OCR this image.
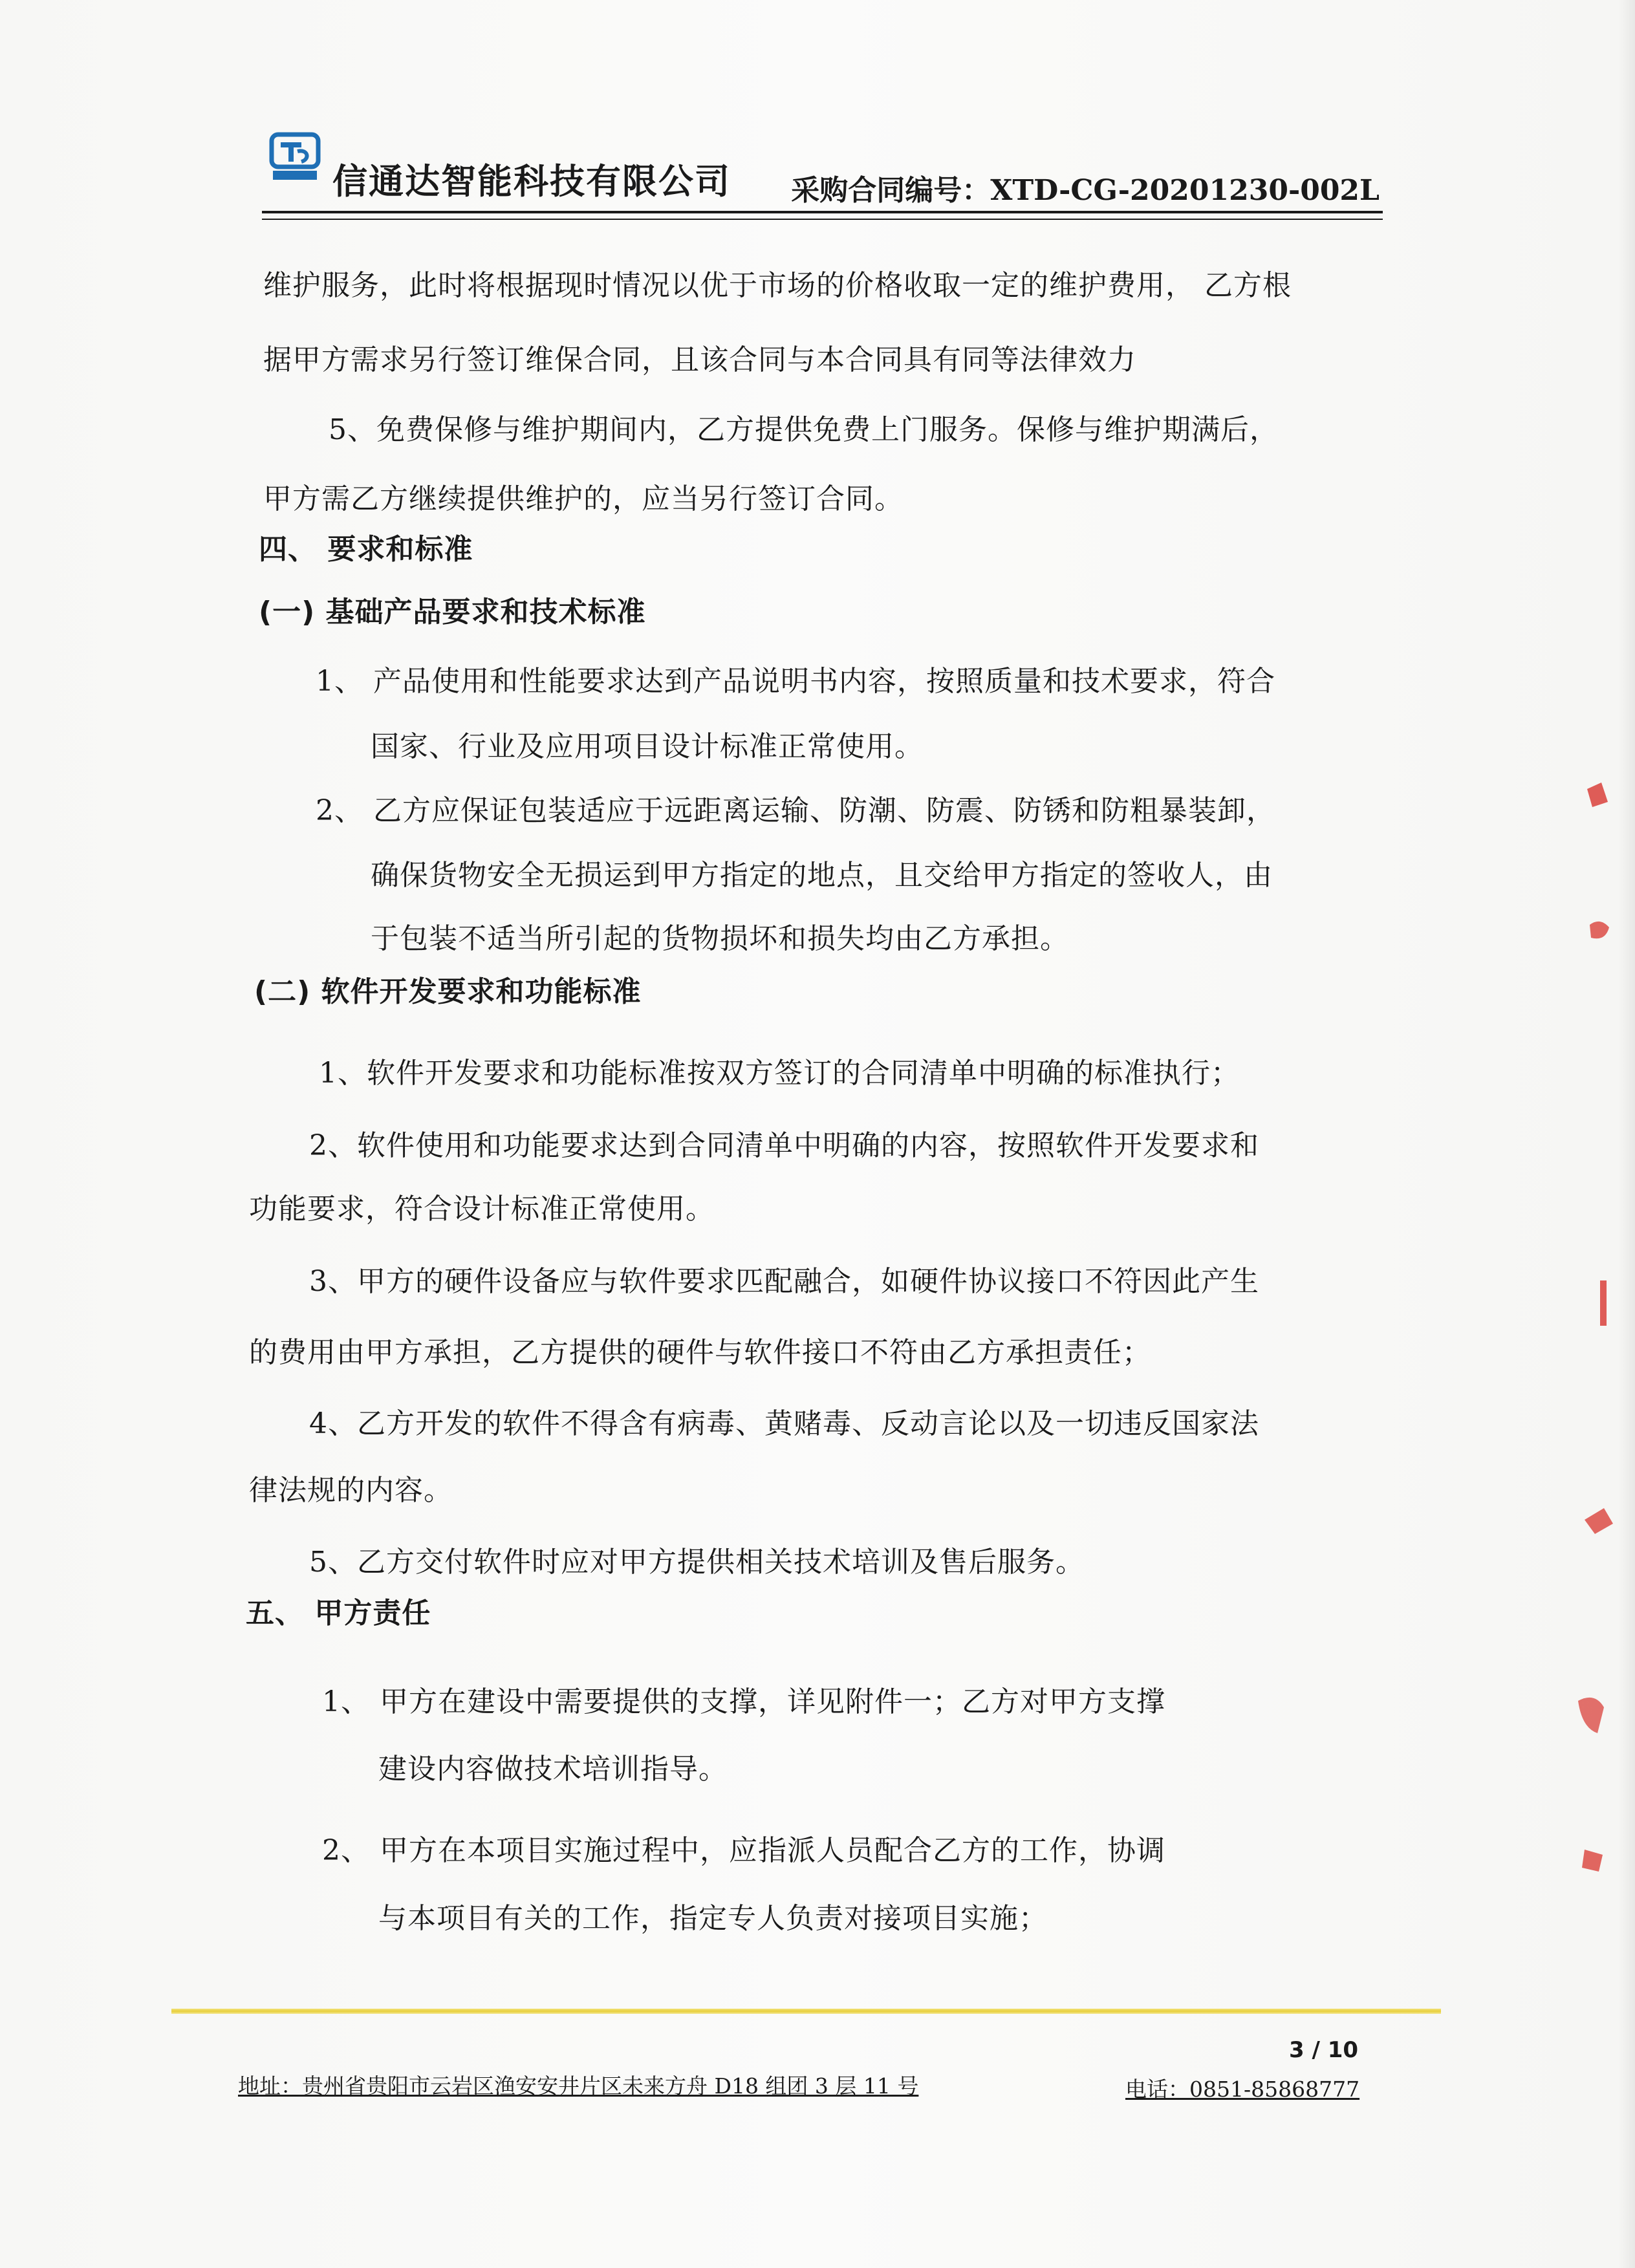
信通达智能科技有限公司 采购合同编号：XTD-CG-20201230-002L
维护服务，此时将根据现时情况以优于市场的价格收取一定的维护费用， 乙方根
据甲方需求另行签订维保合同，且该合同与本合同具有同等法律效力
5、免费保修与维护期间内，乙方提供免费上门服务。保修与维护期满后，
甲方需乙方继续提供维护的，应当另行签订合同。
四、 要求和标准
(一) 基础产品要求和技术标准
1、 产品使用和性能要求达到产品说明书内容，按照质量和技术要求，符合
国家、行业及应用项目设计标准正常使用。
2、 乙方应保证包装适应于远距离运输、防潮、防震、防锈和防粗暴装卸，
确保货物安全无损运到甲方指定的地点，且交给甲方指定的签收人，由
于包装不适当所引起的货物损坏和损失均由乙方承担。
(二) 软件开发要求和功能标准
1、软件开发要求和功能标准按双方签订的合同清单中明确的标准执行；
2、软件使用和功能要求达到合同清单中明确的内容，按照软件开发要求和
功能要求，符合设计标准正常使用。
3、甲方的硬件设备应与软件要求匹配融合，如硬件协议接口不符因此产生
的费用由甲方承担，乙方提供的硬件与软件接口不符由乙方承担责任；
4、乙方开发的软件不得含有病毒、黄赌毒、反动言论以及一切违反国家法
律法规的内容。
5、乙方交付软件时应对甲方提供相关技术培训及售后服务。
五、 甲方责任
1、 甲方在建设中需要提供的支撑，详见附件一；乙方对甲方支撑
建设内容做技术培训指导。
2、 甲方在本项目实施过程中，应指派人员配合乙方的工作，协调
与本项目有关的工作，指定专人负责对接项目实施；
3 / 10
地址：贵州省贵阳市云岩区渔安安井片区未来方舟 D18 组团 3 层 11 号	电话：0851-85868777
